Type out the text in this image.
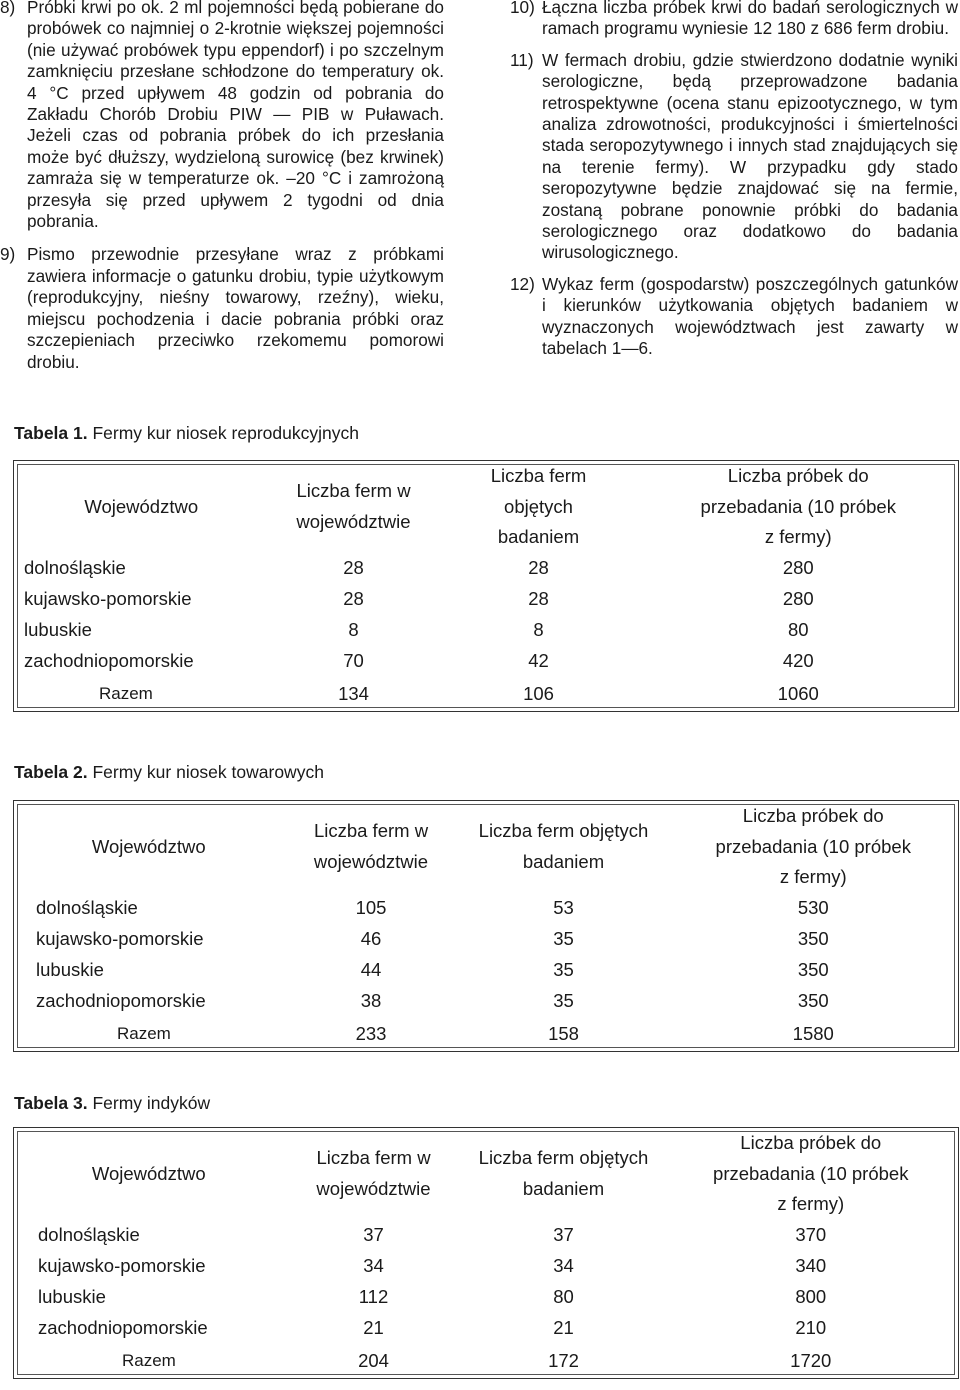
8) Próbki krwi po ok. 2 ml pojemności będą pobierane do probówek co najmniej o 2-krotnie większej pojemności (nie używać probówek typu eppendorf) i po szczelnym zamknięciu przesłane schłodzone do temperatury ok. 4 °C przed upływem 48 godzin od pobrania do Zakładu Chorób Drobiu PIW — PIB w Puławach. Jeżeli czas od pobrania próbek do ich przesłania może być dłuższy, wydzieloną surowicę (bez krwinek) zamraża się w temperaturze ok. –20 °C i zamrożoną przesyła się przed upływem 2 tygodni od dnia pobrania.
9) Pismo przewodnie przesyłane wraz z próbkami zawiera informacje o gatunku drobiu, typie użytkowym (reprodukcyjny, nieśny towarowy, rzeźny), wieku, miejscu pochodzenia i dacie pobrania próbki oraz szczepieniach przeciwko rzekomemu pomorowi drobiu.
10) Łączna liczba próbek krwi do badań serologicznych w ramach programu wyniesie 12 180 z 686 ferm drobiu.
11) W fermach drobiu, gdzie stwierdzono dodatnie wyniki serologiczne, będą przeprowadzone badania retrospektywne (ocena stanu epizootycznego, w tym analiza zdrowotności, produkcyjności i śmiertelności stada seropozytywnego i innych stad znajdujących się na terenie fermy). W przypadku gdy stado seropozytywne będzie znajdować się na fermie, zostaną pobrane ponownie próbki do badania serologicznego oraz dodatkowo do badania wirusologicznego.
12) Wykaz ferm (gospodarstw) poszczególnych gatunków i kierunków użytkowania objętych badaniem w wyznaczonych województwach jest zawarty w tabelach 1—6.
Tabela 1. Fermy kur niosek reprodukcyjnych
Województwo	Liczba ferm w województwie	Liczba ferm objętych badaniem	Liczba próbek do przebadania (10 próbek z fermy)
dolnośląskie	28	28	280
kujawsko-pomorskie	28	28	280
lubuskie	8	8	80
zachodniopomorskie	70	42	420
Razem	134	106	1060
Tabela 2. Fermy kur niosek towarowych
Województwo	Liczba ferm w województwie	Liczba ferm objętych badaniem	Liczba próbek do przebadania (10 próbek z fermy)
dolnośląskie	105	53	530
kujawsko-pomorskie	46	35	350
lubuskie	44	35	350
zachodniopomorskie	38	35	350
Razem	233	158	1580
Tabela 3. Fermy indyków
Województwo	Liczba ferm w województwie	Liczba ferm objętych badaniem	Liczba próbek do przebadania (10 próbek z fermy)
dolnośląskie	37	37	370
kujawsko-pomorskie	34	34	340
lubuskie	112	80	800
zachodniopomorskie	21	21	210
Razem	204	172	1720
